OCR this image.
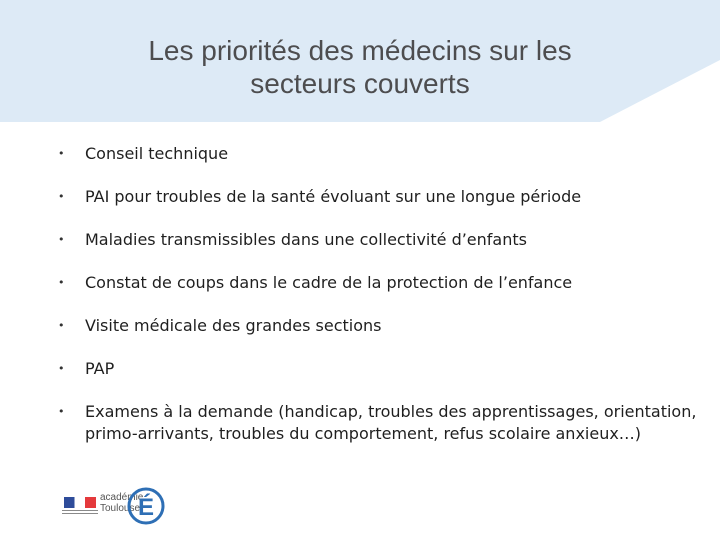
Les priorités des médecins sur les
secteurs couverts
• Conseil technique
• PAI pour troubles de la santé évoluant sur une longue période
• Maladies transmissibles dans une collectivité d’enfants
• Constat de coups dans le cadre de la protection de l’enfance
• Visite médicale des grandes sections
• PAP
• Examens à la demande (handicap, troubles des apprentissages, orientation, primo-arrivants, troubles du comportement, refus scolaire anxieux…)
académie
Toulouse
É
